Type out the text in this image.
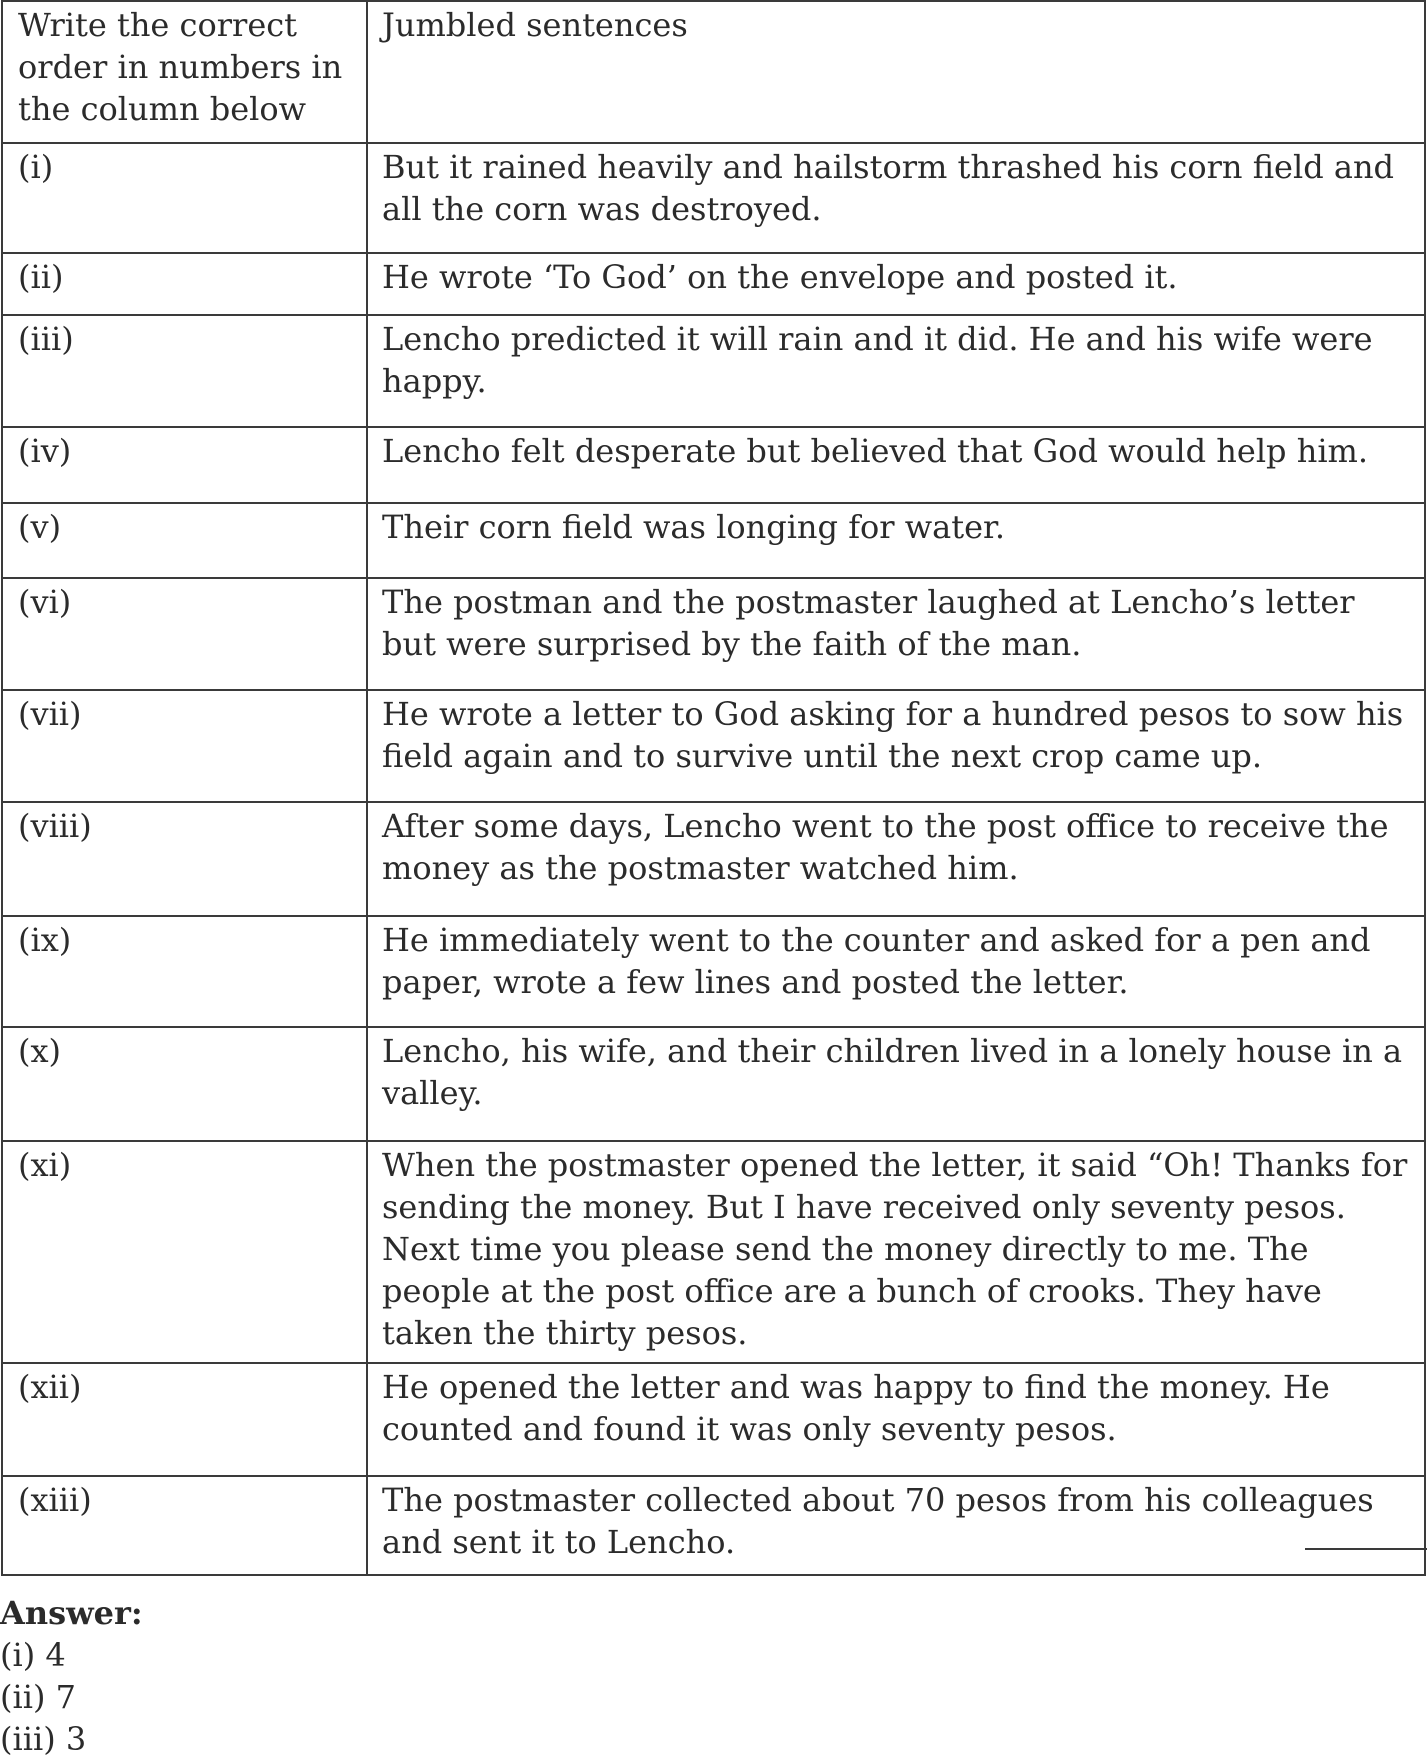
Write the correct order in numbers in the column below	Jumbled sentences
(i)	But it rained heavily and hailstorm thrashed his corn field and all the corn was destroyed.
(ii)	He wrote ‘To God’ on the envelope and posted it.
(iii)	Lencho predicted it will rain and it did. He and his wife were happy.
(iv)	Lencho felt desperate but believed that God would help him.
(v)	Their corn field was longing for water.
(vi)	The postman and the postmaster laughed at Lencho’s letter but were surprised by the faith of the man.
(vii)	He wrote a letter to God asking for a hundred pesos to sow his field again and to survive until the next crop came up.
(viii)	After some days, Lencho went to the post office to receive the money as the postmaster watched him.
(ix)	He immediately went to the counter and asked for a pen and paper, wrote a few lines and posted the letter.
(x)	Lencho, his wife, and their children lived in a lonely house in a valley.
(xi)	When the postmaster opened the letter, it said “Oh! Thanks for sending the money. But I have received only seventy pesos. Next time you please send the money directly to me. The people at the post office are a bunch of crooks. They have taken the thirty pesos.
(xii)	He opened the letter and was happy to find the money. He counted and found it was only seventy pesos.
(xiii)	The postmaster collected about 70 pesos from his colleagues and sent it to Lencho.
Answer:
(i) 4
(ii) 7
(iii) 3
